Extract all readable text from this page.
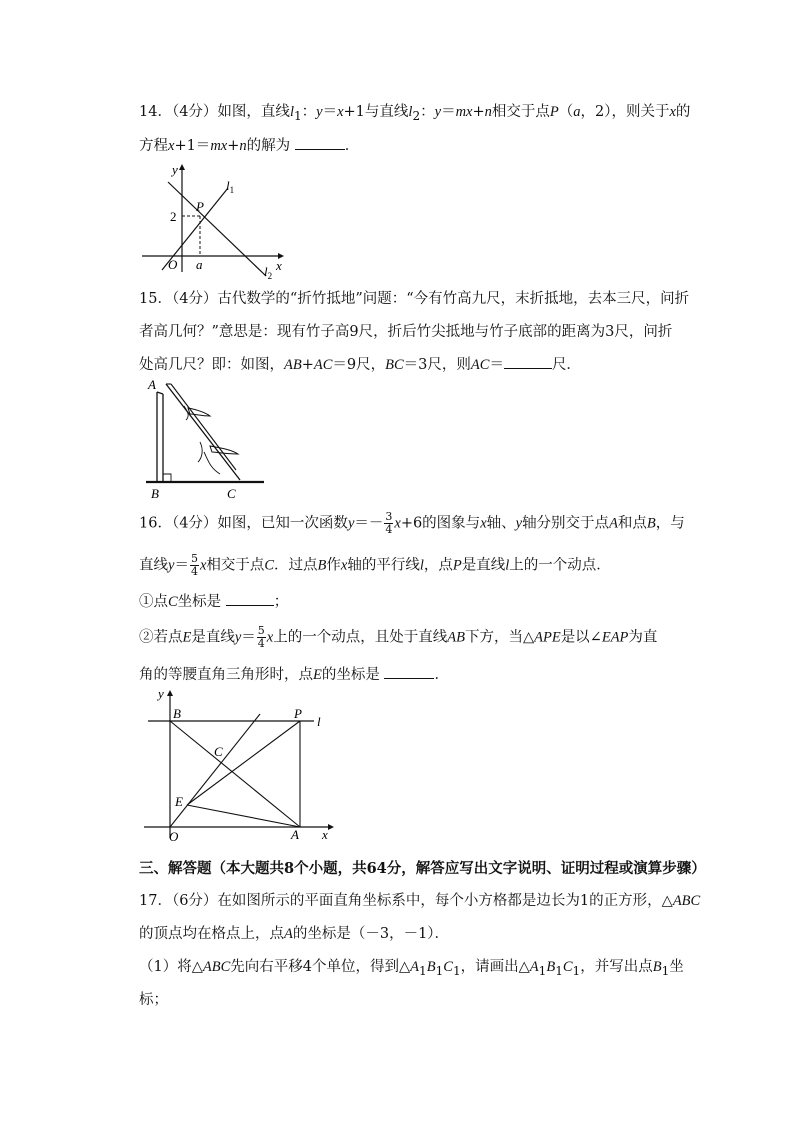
14．（4分）如图，直线$l_1$：y＝x+1与直线$l_2$：y＝mx+n相交于点P（a，2），则关于x的
方程x+1＝mx+n的解为	．
y
x
O
P
2
a
$l_1$
$l_2$
15．（4分）古代数学的“折竹抵地”问题：“今有竹高九尺，末折抵地，去本三尺，问折
者高几何？”意思是：现有竹子高9尺，折后竹尖抵地与竹子底部的距离为3尺，问折
处高几尺？即：如图，AB+AC＝9尺，BC＝3尺，则AC＝	尺．
A
B	C
16．（4分）如图，已知一次函数$y=- \frac{3}{4} x+6$的图象与x轴、y轴分别交于点A和点B，与
直线$y= \frac{5}{4}$ x相交于点C．过点B作x轴的平行线l，点P是直线l上的一个动点．
①点C坐标是	；
②若点E是直线$y= \frac{5}{4}$ x上的一个动点，且处于直线AB下方，当△APE是以∠EAP为直
角的等腰直角三角形时，点E的坐标是	．
y
x
O	A
B	P
l
C
E
三、解答题（本大题共8个小题，共64分，解答应写出文字说明、证明过程或演算步骤）
17．（6分）在如图所示的平面直角坐标系中，每个小方格都是边长为1的正方形，△ABC
的顶点均在格点上，点A的坐标是（－3，－1）．
（1）将△ABC先向右平移4个单位，得到$\triangle A_1B_1C_1$，请画出$\triangle A_1B_1C_1$，并写出点$B_1$坐
标；
